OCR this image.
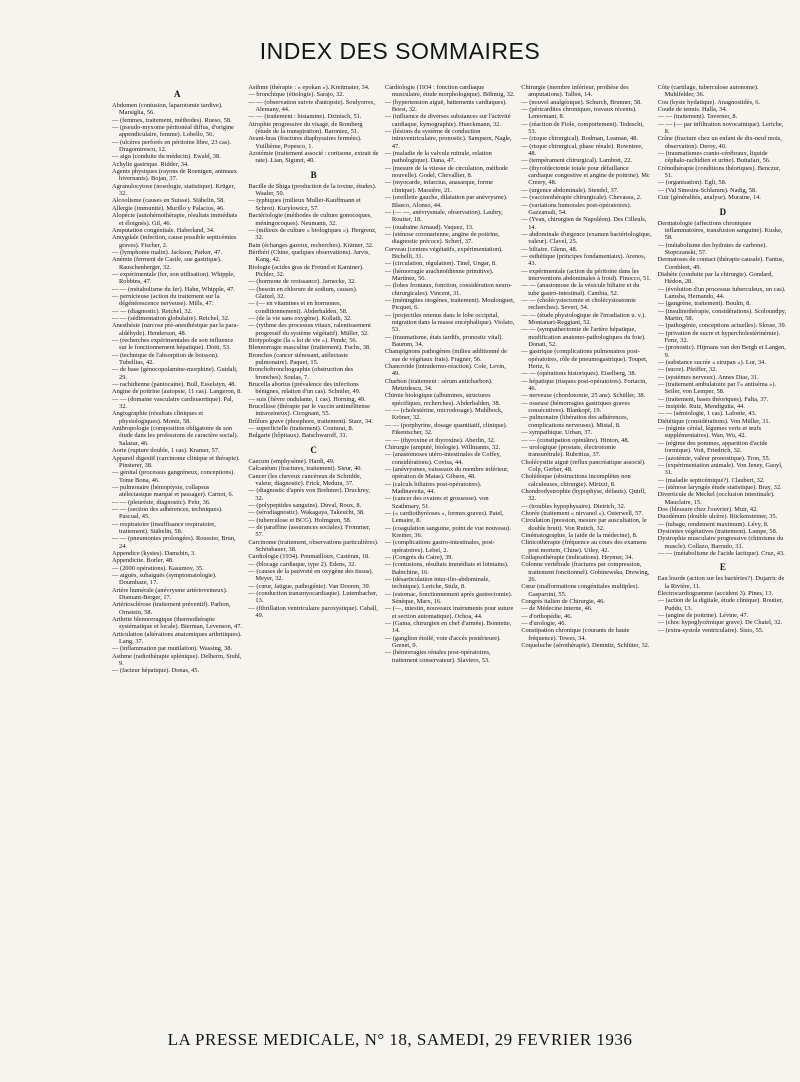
INDEX DES SOMMAIRES
A
Abdomen (contusion, laparotomie tardive). Marsiglia, 56.
— (femmes, traitement, méthodes). Rueso, 58.
— (pseudo-myxome péritonéal diffus, d'origine appendiculaire, femme). Lobello, 56.
— (ulcères perforés en péritoine libre, 23 cas). Dragomirescu, 12.
— aigu (conduite du médecin). Ewald, 38.
Achylie gastrique. Ridder, 34.
Agents physiques (rayons de Roentgen, animaux hivernants). Bojan, 37.
Agranulocytose (nosologie, statistique). Krüger, 32.
Alcoolisme (causes en Suisse). Stähelin, 58.
Allergie (immunité). Murillo y Palacios, 46.
Alopécie (autohémothérapie, résultats immédiats et éloignés). Gil, 46.
Amputation congénitale. Haberland, 34.
Amygdale (infection, cause possible septicémies graves). Fischer, 2.
— (lymphome malin). Jackson, Parker, 47.
Anémie (ferment de Castle, sue gastrique). Rauschenberger, 32.
— expérimentale (fer, son utilisation). Whipple, Robbins, 47.
— — (métabolisme du fer). Hahn, Whipple, 47.
— pernicieuse (action du traitement sur la dégénérescence nerveuse). Mills, 47.
— — (diagnostic). Reichel, 32.
— — (sédimentation globulaire). Reichel, 32.
Anesthésie (narcose pré-anesthésique par la para-aldéhyde). Henderson, 48.
— (recherches expérimentales de son influence sur le fonctionnement hépatique). Dotti, 53.
— (technique de l'absorption de boisson). Tubellius, 42.
— de base (génocopolamine-morphine). Guidali, 29.
— rachidienne (pantocaine). Bull, Esselstyn, 48.
Angine de poitrine (autopsie, 11 cas). Langeron, 8.
— — (domaine vasculaire cardioaortique). Pal, 32.
Angiographie (résultats cliniques et physiologiques). Moniz, 58.
Anthropologie (composition obligatoire de son étude dans les professions de caractère social). Salazar, 46.
Aorte (rupture double, 1 cas). Kramer, 57.
Appareil digestif (carcinome clinique et thérapie). Pinsterer, 38.
— génital (processus gangréneux, conceptions). Tome Bona, 46.
— pulmonaire (hémoptysie, collapsus atélectasique marqué et passager). Carnot, 6.
— — (pleurésie, diagnostic). Fehr, 36.
— — (section des adhérences, techniques). Pascual, 45.
— respiratoire (insuffisance respiratoire, traitement). Stähelin, 58.
— — (pneumonies prolongées). Roussier, Brun, 24.
Appendice (kystes). Damsbin, 3.
Appendicite. Borler, 48.
— (2000 opérations). Kasumov, 35.
— aiguës, subaiguës (symptomatologie). Doumbaze, 17.
Artère humérale (anévrysme artérioveineux). Diamant-Berger, 17.
Artériosclérose (traitement préventif). Parhon, Ornstein, 58.
Arthrite blennorragique (thermothérapie systématique et locale). Bierman, Levenson, 47.
Articulation (altérations anatomiques arthritiques). Lang, 37.
— (inflammation par mutilation). Wassing, 38.
Asthme (radiothérapie splénique). Delherm, Stuhl, 9.
— (facteur hépatique). Donas, 45.
Asthme (thérapie : « epokan »). Kreitmaier, 34.
— bronchique (étiologie). Sarajo, 32.
— — (observation suivie d'autopsie). Soulyorres, Alemany, 44.
— — (traitement : histamine). Dzinisch, 51.
Atrophie progressive du visage, de Romberg (étude de la transpiration). Baroniez, 51.
Avant-bras (fractures diaphysaires fermées). Vuillième, Popesco, 1.
Azotémie (traitement associé : cortisone, extrait de rate). Lian, Siguret, 40.
B
Bacille de Shiga (production de la toxine, études). Waaler, 50.
— typhiques (milieux Muller-Kauffmann et Schrot). Kurylowicz, 57.
Bactériologie (méthodes de culture gonocoques, méningocoques). Neumann, 32.
— (milieux de culture « biologiques »). Hergrenz, 32.
Bain (échanges gazeux, recherches). Krämer, 32.
Béribéri (Chine, quelques observations). Jarvis, Kang, 42.
Biologie (acides gras de Freund et Kaminer). Pichler, 32.
— (hormone de croissance). Jarnecke, 32.
— (besoin en chlorure de sodium, causes). Glatzel, 32.
— (— en vitamines et en hormones, conditionnement). Abderhalden, 58.
— (de la vie sans oxygène). Kollath, 32.
— (rythme des processus vitaux, ralentissement progressif du système végétatif). Müller, 32.
Biotypologie (la « loi de vie »). Pende, 56.
Blennorragie masculine (traitement). Fuchs, 38.
Bronches (cancer sténosant, atélectasie pulmonaire). Paquet, 15.
Bronchobronchographie (obstruction des bronches). Soulas, 7.
Brucella abortus (prévalence des infections bénignes, relation d'un cas). Schniler, 49.
— suis (fièvre ondulante, 1 cas). Horning, 49.
Brucellose (thérapie par le vaccin antimélitense intraveineux). Cicognani, 55.
Brûlure grave (phosphore, traitement). Starz, 34.
— superficielle (traitement). Couturat, 8.
Bulgarie (hôpitaux). Batschwaroff, 31.
C
Caecum (emphysème). Hardt, 49.
Calcanéum (fractures, traitement). Sieur, 40.
Cancer (les cheveux cancéreux de Schridde, valeur, diagnostic). Frick, Medura, 37.
— (diagnostic d'après von Brehmer). Druckrey, 32.
— (polypeptides sanguins). Duval, Roux, 8.
— (sérodiagnostic). Wakagaya, Takeuchi, 38.
— (tuberculose et BCG). Holmgren, 58.
— de paraffine (assurances sociales). Frommer, 57.
Carcinome (traitement, observations particulières). Schönbauer, 38.
Cardiologie (1934). Poumailloux, Castéran, 18.
— (blocage cardiaque, type 2). Edens, 32.
— (causes de la pauvreté en oxygène des tissus). Meyer, 32.
— (cœur, fatigue, pathogénie). Van Dooren, 39.
— (conduction transmyocardiaque). Lutembacher, 13.
— (fibrillation ventriculaire paroxystique). Cahall, 49.
Cardiologie (1934 : fonction cardiaque musculaire, étude morphologique). Böhmig, 32.
— (hypertension aiguë, battements cardiaques). Borst, 32.
— (influence de diverses substances sur l'activité cardiaque, kymographie). Hueckmann, 32.
— (lésions du système de conduction intraventriculaire, pronostic). Sampson, Nagle, 47.
— (maladie de la valvule mitrale, relation pathologique). Dana, 47.
— (mesure de la vitesse de circulation, méthode nouvelle). Godel, Chevallier, 8.
— (myocarde, infarctus, anasarque, forme clinique). Massière, 21.
— (oreillette gauche, dilatation par anévrysme). Blasco, Alonso, 44.
— (— —, anévrysmale, observation). Laubry, Routier, 18.
— (ouabaïne Arnaud). Vaquez, 13.
— (sténose coronarienne, angine de poitrine, diagnostic précoce). Scherf, 37.
Cerveau (centres végétatifs, expérimentation). Bichelli, 31.
— (circulation, régulation). Tinel, Ungar, 8.
— (hémorragie arachnoïdienne primitive). Martinez, 56.
— (lobes frontaux, fonction, considération neuro-chirurgicales). Vincent, 31.
— (méningites otogènes, traitement). Moulonguet, Picquet, 6.
— (projectiles retenus dans le lobe occipital, migration dans la masse encéphalique). Violato, 53.
— (traumatisme, états tardifs, pronostic vital). Baumm, 34.
Champignons pathogènes (milieu additionné de sue de végétaux frais). Fragner, 56.
Chancroïde (intradermo-réaction). Cole, Levin, 49.
Charbon (traitement : sérum anticharbon). Metzidescu, 34.
Chimie biologique (albumines, structures spécifiques, recherches). Abderhalden, 38.
— — (cholestérine, microdosage). Muhlbock, Kröner, 32.
— — (porphyrine, dosage quantitatif, clinique). Fikentscher, 32.
— — (thyroxine et thyroxine). Aberlin, 32.
Chirurgie (amputé, biologie). Willmanns, 32.
— (anastomoses utéro-intestinales de Coffey, considérations). Covisa, 44.
— (anévrysmes, vaisseaux du membre inférieur, opération de Matas). Gibson, 48.
— (calculs biliaires post-opératoires). Madinaveita, 44.
— (cancer des ovaires et grossesse). von Szathmary, 51.
— (« cardiothyréoses », formes graves). Patel, Lemaire, 8.
— (coagulation sanguine, point de vue nouveau). Kreiner, 36.
— (complications gastro-intestinales, post-opératoires). Lebel, 2.
— (Congrès du Caire), 39.
— (contusions, résultats immédiats et lointains). Babtchine, 16.
— (désarticulation inter-ilio-abdominale, technique). Leriche, Stulz, 8.
— (estomac, fonctionnement après gastrectomie). Sénèque, Marx, 16.
— (—, intestin, nouveaux instruments pour suture et section automatique). Ochoa, 44.
— (Gama, chirurgien en chef d'armée). Bonnette, 14.
— (ganglion étoilé, voie d'accès postérieure). Grenet, 9.
— (hémorragies rénales post-opératoires, traitement conservateur). Slaviero, 53.
Chirurgie (membre inférieur, prothèse des amputations). Talbot, 14.
— (nouvel analgésique). Schurch, Brunner, 58.
— (péricardites chroniques, travaux récents). Lenormant, 8.
— (réaction de Fiole, comportement). Tedeschi, 53.
— (risque chirurgical). Bodman, Leaman, 48.
— (risque chirurgical, phase rénale). Rowntree, 48.
— (tempérament chirurgical). Lambret, 22.
— (thyroïdectomie totale pour défaillance cardiaque congestive et angine de poitrine). Mc Creery, 48.
— (urgence abdominale). Stendel, 37.
— (vaccinothérapie chirurgicale). Chevassu, 2.
— (variations humorales post-opératoires). Gazzamali, 54.
— (Yvan, chirurgien de Napoléon). Des Cilleuls, 14.
— abdominale d'urgence (examen bactériologique, valeur). Clavel, 25.
— biliaire. Glenn, 48.
— esthétique (principes fondamentaux). Arenos, 43.
— expérimentale (action du péritoine dans les interventions abdominales à froid). Finocco, 51.
— — (anastomose de la vésicule biliaire et du tube gastro-intestinal). Cambia, 52.
— — (cholécystectomie et cholécystostomie recherches). Severi, 54.
— — (étude physiologique de l'irradiation u. v.). Montanari-Reggiani, 52.
— — (sympathectomie de l'artère hépatique, modification anatomo-pathologiques du foie). Donati, 52.
— gastrique (complications pulmonaires post-opératoires, rôle de pneumogastrique). Toupet, Hertz, 6.
— — (opérations historiques). Eiselberg, 38.
— hépatique (risques post-opératoires). Fortacin, 46.
— nerveuse (chordotomie, 25 ans). Schüller, 38.
— osseuse (hémorragies gastriques graves consécutives). Blankopf, 19.
— pulmonaire (libération des adhérences, complications nerveuses). Mistal, 8.
— sympathique. Urban, 37.
— — (constipation opiniâtre). Hinton, 48.
— urologique (prostate, électrotomie transurétrale). Rubritius, 37.
Cholécystite aiguë (reflux pancréatique associé). Colp, Gerber, 48.
Cholédoque (obstructions incomplètes non calculeuses, chirurgie). Mirizzi, 8.
Chondrodystrophie (hypophyse, défauts). Quirll, 32.
— (troubles hypophysaire). Dietrich, 32.
Chorée (traitement « nirvanol »). Osterwell, 57.
Circulation (pression, mesure par auscultation, le double bruit). Von Rutich, 32.
Cinématographie, la (aide de la médecine), 8.
Clinicothérapie (fréquence au cours des examens post mortem, Chine). Utley, 42.
Collapsothérapie (indications). Heymer, 34.
Colonne vertébrale (fractures par compression, traitement fonctionnel). Gobinewska, Drewing, 26.
Cœur (malformations congénitales multiples). Gasparrini, 55.
Congrès italien de Chirurgie, 46.
— de Médecine interne, 46.
— d'orthopédie, 46.
— d'urologie, 46.
Constipation chronique (courants de haute fréquence). Tewes, 34.
Coqueluche (sérothérapie). Demnitz, Schlüter, 32.
Côte (cartilage, tuberculose autonome). Muhlfelder, 36.
Cou (kyste hydatique). Anagnostidès, 6.
Coude de tennis. Halla, 34.
— — (traitement). Taverner, 8.
— — (— par infiltration novocaïnique). Leriche, 8.
Crâne (fracture chez un enfant de dix-neuf mois, observation). Deroy, 40.
— (traumatismes cranio-cérébraux, liquide céphalo-rachidien et urine). Buttafari, 56.
Crénothérapie (conditions théoriques). Benczur, 51.
— (organisation). Egli, 58.
— (Val Sinestra-Schlamm). Nadig, 58.
Cuir (généralités, analyse). Muraine, 14.
D
Dermatologie (affections chroniques inflammatoires, transfusion sanguine). Kuske, 58.
— (métabolisme des hydrates de carbone). Stopczanski, 57.
Dermatoses de contact (thérapie causale). Fantus, Cornbleet, 49.
Diabète (conduite par la chirurgie). Gondard, Hédon, 28.
— (évolution d'un processus tuberculeux, un cas). Lamsba, Hernando, 44.
— (gangrène, traitement). Boulin, 8.
— (insulinothérapie, considérations). Scoloundpy, Martin, 58.
— (pathogénie, conceptions actuelles). Slosse, 39.
— (privation de sucre et hypercholestérinémie). Fenz, 32.
— (pronostic). Hijmans van den Bergh et Langen, 9.
— (substance sucrée « sirupan »). Lur, 34.
— (sucre). Pfeiffer, 32.
— (systèmes nerveux). Annes Dias, 31.
— (traitement ambulatoire par l'« antiséma »). Seiler, von Lemper, 58.
— (traitement, bases théoriques). Falta, 37.
— insipide. Ruiz, Mendiguita, 44.
— — (sémiologie, 1 cas). Lafonte, 43.
Diététique (considérations). Von Müller, 31.
— (régime céréal, légumes verts et œufs supplémentaires). Wan, Wu, 42.
— (régime des pommes, apparition d'acide formique). Voit, Friedrich, 32.
— (azotémie, valeur pronostique). Tron, 55.
— (expérimentation animale). Von Jeney, Gaoyl, 31.
— (maladie septicémique?). Claubert, 32.
— (sténose laryngée étude statistique). Bray, 32.
Diverticule de Meckel (occlusion intestinale). Mauclaire, 15.
Dos (blessure chez l'ouvrier). Muir, 42.
Duodénum (double ulcère). Rückensteiner, 35.
— (tubage, rendement maximum). Lévy, 8.
Dystonies végétatives (traitement). Lampe, 58.
Dystrophie musculaire progressive (chimisme du muscle). Collazo, Barrudo, 31.
— — (métabolisme de l'acide lactique). Cruz, 43.
E
Eau lourde (action sur les bactéries?). Dujarric de la Rivière, 11.
Électrocardiogramme (accident 3). Pines, 13.
— (action de la digitale, étude clinique). Routier, Puddu, 13.
— (angine de poitrine). Lévine, 47.
— (choc hypoglycémique grave). De Chatel, 32.
— (extra-systole ventriculaire). Sisto, 55.
LA PRESSE MEDICALE, N° 18, SAMEDI, 29 FEVRIER 1936
